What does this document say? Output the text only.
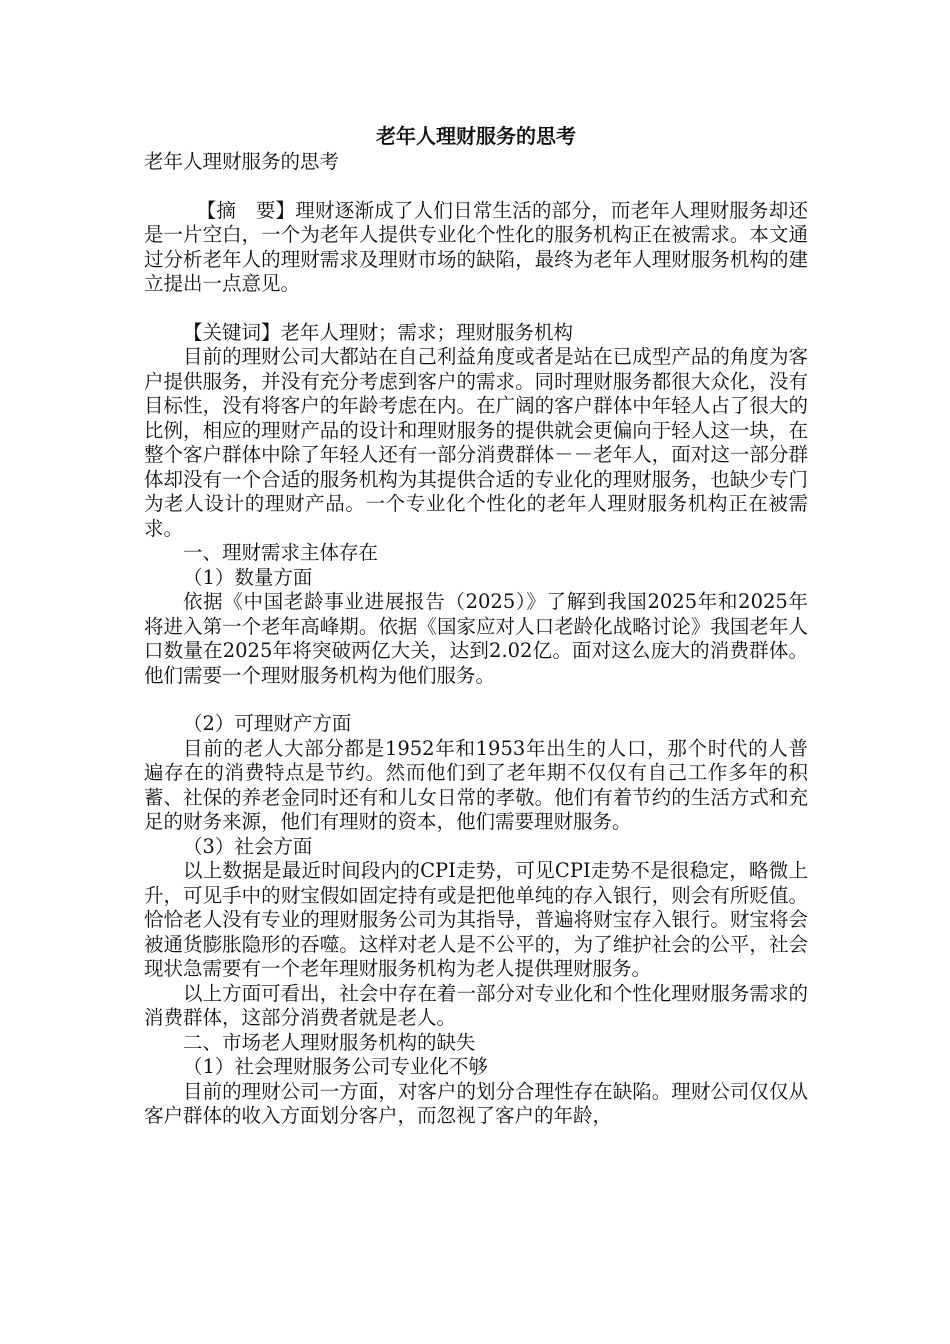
老年人理财服务的思考

老年人理财服务的思考

【摘　要】理财逐渐成了人们日常生活的部分，而老年人理财服务却还是一片空白，一个为老年人提供专业化个性化的服务机构正在被需求。本文通过分析老年人的理财需求及理财市场的缺陷，最终为老年人理财服务机构的建立提出一点意见。

【关键词】老年人理财；需求；理财服务机构

目前的理财公司大都站在自己利益角度或者是站在已成型产品的角度为客户提供服务，并没有充分考虑到客户的需求。同时理财服务都很大众化，没有目标性，没有将客户的年龄考虑在内。在广阔的客户群体中年轻人占了很大的比例，相应的理财产品的设计和理财服务的提供就会更偏向于轻人这一块，在整个客户群体中除了年轻人还有一部分消费群体－－老年人，面对这一部分群体却没有一个合适的服务机构为其提供合适的专业化的理财服务，也缺少专门为老人设计的理财产品。一个专业化个性化的老年人理财服务机构正在被需求。

一、理财需求主体存在

（1）数量方面

依据《中国老龄事业进展报告（2025）》了解到我国2025年和2025年将进入第一个老年高峰期。依据《国家应对人口老龄化战略讨论》我国老年人口数量在2025年将突破两亿大关，达到2.02亿。面对这么庞大的消费群体。他们需要一个理财服务机构为他们服务。

（2）可理财产方面

目前的老人大部分都是1952年和1953年出生的人口，那个时代的人普遍存在的消费特点是节约。然而他们到了老年期不仅仅有自己工作多年的积蓄、社保的养老金同时还有和儿女日常的孝敬。他们有着节约的生活方式和充足的财务来源，他们有理财的资本，他们需要理财服务。

（3）社会方面

以上数据是最近时间段内的CPI走势，可见CPI走势不是很稳定，略微上升，可见手中的财宝假如固定持有或是把他单纯的存入银行，则会有所贬值。恰恰老人没有专业的理财服务公司为其指导，普遍将财宝存入银行。财宝将会被通货膨胀隐形的吞噬。这样对老人是不公平的，为了维护社会的公平，社会现状急需要有一个老年理财服务机构为老人提供理财服务。

以上方面可看出，社会中存在着一部分对专业化和个性化理财服务需求的消费群体，这部分消费者就是老人。

二、市场老人理财服务机构的缺失

（1）社会理财服务公司专业化不够

目前的理财公司一方面，对客户的划分合理性存在缺陷。理财公司仅仅从客户群体的收入方面划分客户，而忽视了客户的年龄，
